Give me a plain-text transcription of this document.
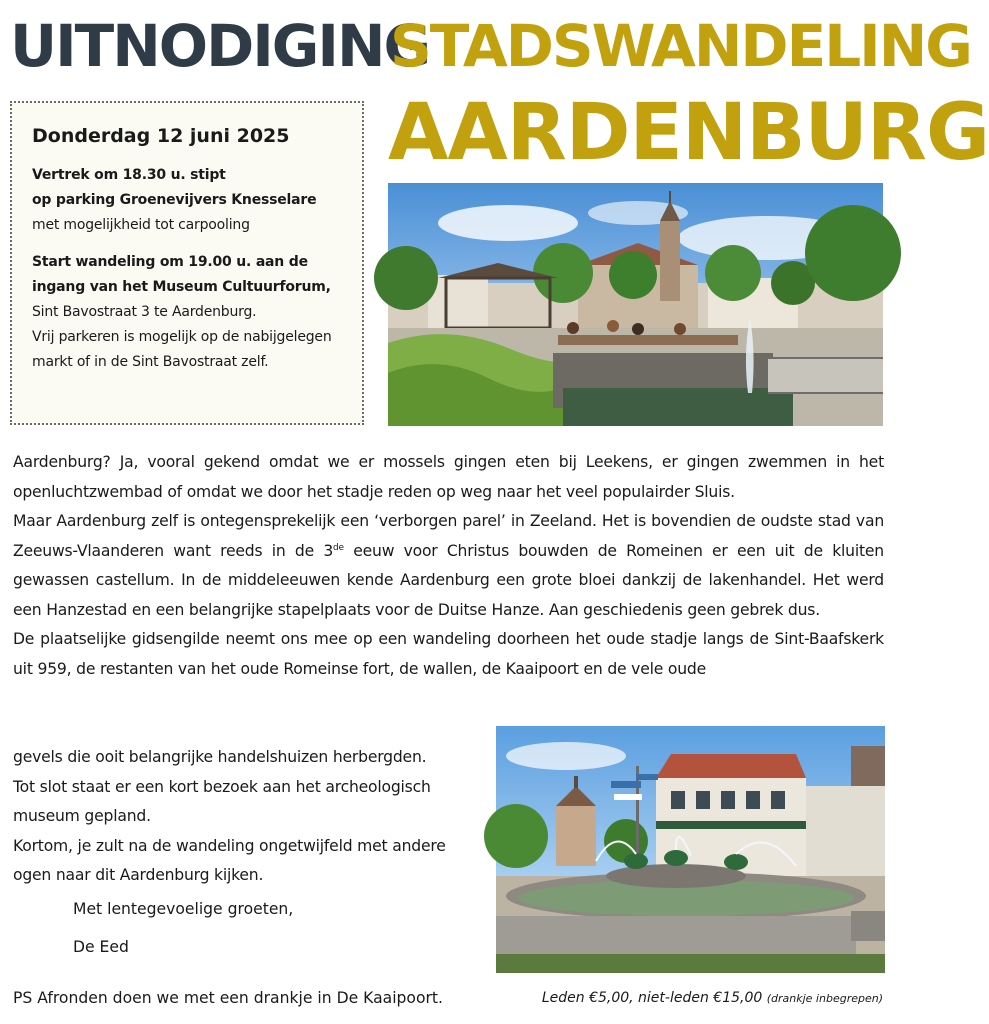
UITNODIGING
STADSWANDELING
AARDENBURG
Donderdag 12 juni 2025

Vertrek om 18.30 u. stipt

op parking Groenevijvers Knesselare

met mogelijkheid tot carpooling

Start wandeling om 19.00 u. aan de

ingang van het Museum Cultuurforum,

Sint Bavostraat 3 te Aardenburg.

Vrij parkeren is mogelijk op de nabijgelegen

markt of in de Sint Bavostraat zelf.

Aardenburg? Ja, vooral gekend omdat we er mossels gingen eten bij Leekens, er gingen zwemmen in het openluchtzwembad of omdat we door het stadje reden op weg naar het veel populairder Sluis.

Maar Aardenburg zelf is ontegensprekelijk een ‘verborgen parel’ in Zeeland. Het is bovendien de oudste stad van Zeeuws-Vlaanderen want reeds in de 3de eeuw voor Christus bouwden de Romeinen er een uit de kluiten gewassen castellum. In de middeleeuwen kende Aardenburg een grote bloei dankzij de lakenhandel. Het werd een Hanzestad en een belangrijke stapelplaats voor de Duitse Hanze. Aan geschiedenis geen gebrek dus.

De plaatselijke gidsengilde neemt ons mee op een wandeling doorheen het oude stadje langs de Sint-Baafskerk uit 959, de restanten van het oude Romeinse fort, de wallen, de Kaaipoort en de vele oude

gevels die ooit belangrijke handelshuizen herbergden.

Tot slot staat er een kort bezoek aan het archeologisch

museum gepland.

Kortom, je zult na de wandeling ongetwijfeld met andere

ogen naar dit Aardenburg kijken.

Met lentegevoelige groeten,

De Eed

PS Afronden doen we met een drankje in De Kaaipoort.	Leden €5,00, niet-leden €15,00 (drankje inbegrepen)
